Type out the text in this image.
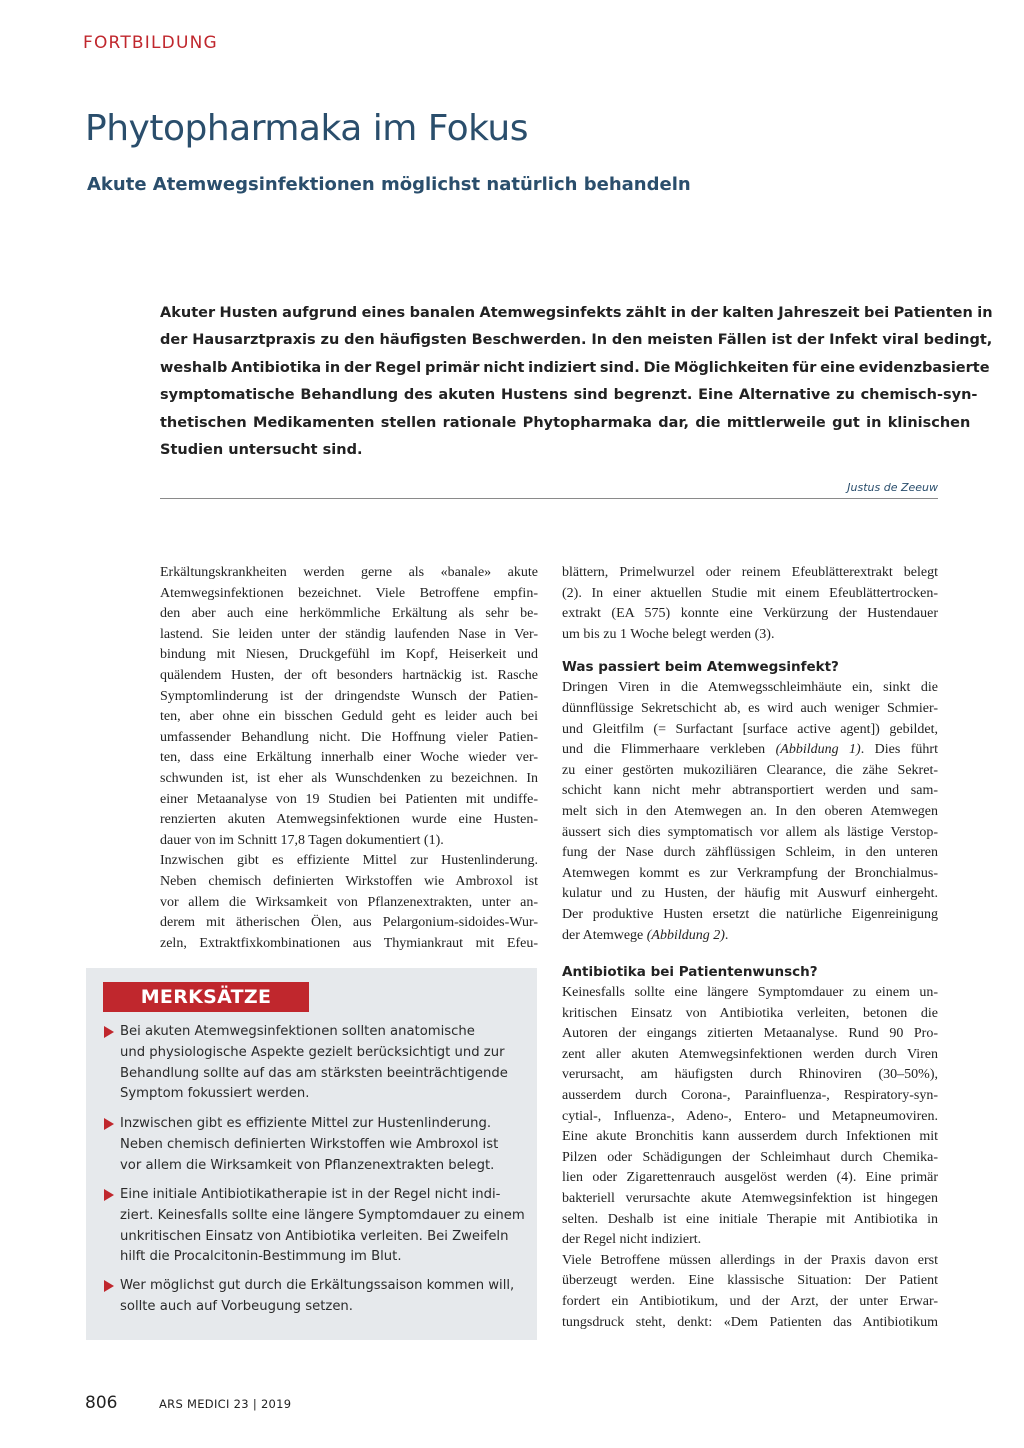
FORTBILDUNG
Phytopharmaka im Fokus
Akute Atemwegsinfektionen möglichst natürlich behandeln
Akuter Husten aufgrund eines banalen Atemwegsinfekts zählt in der kalten Jahreszeit bei Patienten in
der Hausarztpraxis zu den häufigsten Beschwerden. In den meisten Fällen ist der Infekt viral bedingt,
weshalb Antibiotika in der Regel primär nicht indiziert sind. Die Möglichkeiten für eine evidenzbasierte
symptomatische Behandlung des akuten Hustens sind begrenzt. Eine Alternative zu chemisch-syn-
thetischen Medikamenten stellen rationale Phytopharmaka dar, die mittlerweile gut in klinischen
Studien untersucht sind.
Justus de Zeeuw
Erkältungskrankheiten werden gerne als «banale» akute
Atemwegsinfektionen bezeichnet. Viele Betroffene empfin-
den aber auch eine herkömmliche Erkältung als sehr be-
lastend. Sie leiden unter der ständig laufenden Nase in Ver-
bindung mit Niesen, Druckgefühl im Kopf, Heiserkeit und
quälendem Husten, der oft besonders hartnäckig ist. Rasche
Symptomlinderung ist der dringendste Wunsch der Patien-
ten, aber ohne ein bisschen Geduld geht es leider auch bei
umfassender Behandlung nicht. Die Hoffnung vieler Patien-
ten, dass eine Erkältung innerhalb einer Woche wieder ver-
schwunden ist, ist eher als Wunschdenken zu bezeichnen. In
einer Metaanalyse von 19 Studien bei Patienten mit undiffe-
renzierten akuten Atemwegsinfektionen wurde eine Husten-
dauer von im Schnitt 17,8 Tagen dokumentiert (1).
Inzwischen gibt es effiziente Mittel zur Hustenlinderung.
Neben chemisch definierten Wirkstoffen wie Ambroxol ist
vor allem die Wirksamkeit von Pflanzenextrakten, unter an-
derem mit ätherischen Ölen, aus Pelargonium-sidoides-Wur-
zeln, Extraktfixkombinationen aus Thymiankraut mit Efeu-
blättern, Primelwurzel oder reinem Efeublätterextrakt belegt
(2). In einer aktuellen Studie mit einem Efeublättertrocken-
extrakt (EA 575) konnte eine Verkürzung der Hustendauer
um bis zu 1 Woche belegt werden (3).
Was passiert beim Atemwegsinfekt?
Dringen Viren in die Atemwegsschleimhäute ein, sinkt die
dünnflüssige Sekretschicht ab, es wird auch weniger Schmier-
und Gleitfilm (= Surfactant [surface active agent]) gebildet,
und die Flimmerhaare verkleben (Abbildung 1). Dies führt
zu einer gestörten mukoziliären Clearance, die zähe Sekret-
schicht kann nicht mehr abtransportiert werden und sam-
melt sich in den Atemwegen an. In den oberen Atemwegen
äussert sich dies symptomatisch vor allem als lästige Verstop-
fung der Nase durch zähflüssigen Schleim, in den unteren
Atemwegen kommt es zur Verkrampfung der Bronchialmus-
kulatur und zu Husten, der häufig mit Auswurf einhergeht.
Der produktive Husten ersetzt die natürliche Eigenreinigung
der Atemwege (Abbildung 2).
Antibiotika bei Patientenwunsch?
Keinesfalls sollte eine längere Symptomdauer zu einem un-
kritischen Einsatz von Antibiotika verleiten, betonen die
Autoren der eingangs zitierten Metaanalyse. Rund 90 Pro-
zent aller akuten Atemwegsinfektionen werden durch Viren
verursacht, am häufigsten durch Rhinoviren (30–50%),
ausserdem durch Corona-, Parainfluenza-, Respiratory-syn-
cytial-, Influenza-, Adeno-, Entero- und Metapneumoviren.
Eine akute Bronchitis kann ausserdem durch Infektionen mit
Pilzen oder Schädigungen der Schleimhaut durch Chemika-
lien oder Zigarettenrauch ausgelöst werden (4). Eine primär
bakteriell verursachte akute Atemwegsinfektion ist hingegen
selten. Deshalb ist eine initiale Therapie mit Antibiotika in
der Regel nicht indiziert.
Viele Betroffene müssen allerdings in der Praxis davon erst
überzeugt werden. Eine klassische Situation: Der Patient
fordert ein Antibiotikum, und der Arzt, der unter Erwar-
tungsdruck steht, denkt: «Dem Patienten das Antibiotikum
MERKSÄTZE
Bei akuten Atemwegsinfektionen sollten anatomische
und physiologische Aspekte gezielt berücksichtigt und zur
Behandlung sollte auf das am stärksten beeinträchtigende
Symptom fokussiert werden.
Inzwischen gibt es effiziente Mittel zur Hustenlinderung.
Neben chemisch definierten Wirkstoffen wie Ambroxol ist
vor allem die Wirksamkeit von Pflanzenextrakten belegt.
Eine initiale Antibiotikatherapie ist in der Regel nicht indi-
ziert. Keinesfalls sollte eine längere Symptomdauer zu einem
unkritischen Einsatz von Antibiotika verleiten. Bei Zweifeln
hilft die Procalcitonin-Bestimmung im Blut.
Wer möglichst gut durch die Erkältungssaison kommen will,
sollte auch auf Vorbeugung setzen.
806	ARS MEDICI 23 | 2019
